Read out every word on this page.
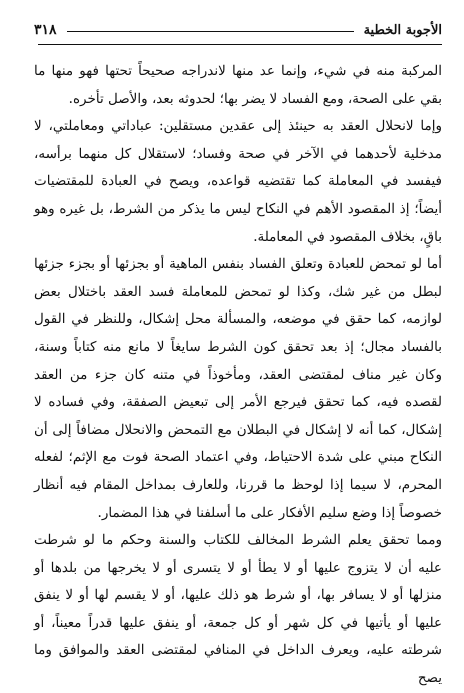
٣١٨	الأجوبة الخطية

المركبة منه في شيء، وإنما عد منها لاندراجه صحيحاً تحتها فهو منها ما بقي على الصحة، ومع الفساد لا يضر بها؛ لحدوثه بعد، والأصل تأخره.

وإما لانحلال العقد به حينئذ إلى عقدين مستقلين: عباداتي ومعاملتي، لا مدخلية لأحدهما في الآخر في صحة وفساد؛ لاستقلال كل منهما برأسه، فيفسد في المعاملة كما تقتضيه قواعده، ويصح في العبادة للمقتضيات أيضاً؛ إذ المقصود الأهم في النكاح ليس ما يذكر من الشرط، بل غيره وهو باقٍ، بخلاف المقصود في المعاملة.

أما لو تمحض للعبادة وتعلق الفساد بنفس الماهية أو بجزئها أو بجزء جزئها لبطل من غير شك، وكذا لو تمحض للمعاملة فسد العقد باختلال بعض لوازمه، كما حقق في موضعه، والمسألة محل إشكال، وللنظر في القول بالفساد مجال؛ إذ بعد تحقق كون الشرط سايغاً لا مانع منه كتاباً وسنة، وكان غير مناف لمقتضى العقد، ومأخوذاً في متنه كان جزء من العقد لقصده فيه، كما تحقق فيرجع الأمر إلى تبعيض الصفقة، وفي فساده لا إشكال، كما أنه لا إشكال في البطلان مع التمحض والانحلال مضافاً إلى أن النكاح مبني على شدة الاحتياط، وفي اعتماد الصحة فوت مع الإثم؛ لفعله المحرم، لا سيما إذا لوحظ ما قررنا، وللعارف بمداخل المقام فيه أنظار خصوصاً إذا وضع سليم الأفكار على ما أسلفنا في هذا المضمار.

ومما تحقق يعلم الشرط المخالف للكتاب والسنة وحكم ما لو شرطت عليه أن لا يتزوج عليها أو لا يطأ أو لا يتسرى أو لا يخرجها من بلدها أو منزلها أو لا يسافر بها، أو شرط هو ذلك عليها، أو لا يقسم لها أو لا ينفق عليها أو يأتيها في كل شهر أو كل جمعة، أو ينفق عليها قدراً معيناً، أو شرطته عليه، ويعرف الداخل في المنافي لمقتضى العقد والموافق وما يصح
